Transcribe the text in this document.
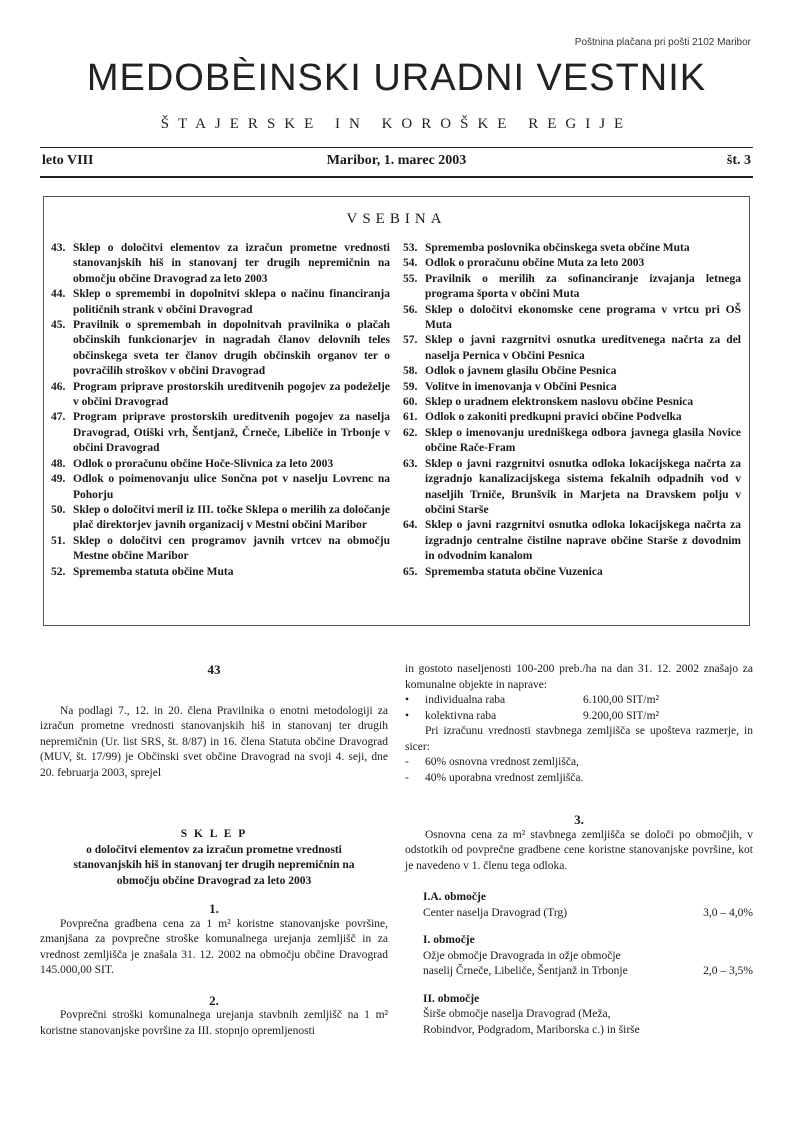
Poštnina plačana pri pošti 2102 Maribor
MEDOBÈINSKI URADNI VESTNIK
ŠTAJERSKE IN KOROŠKE REGIJE
leto VIII	Maribor, 1. marec 2003	št. 3
VSEBINA
43. Sklep o določitvi elementov za izračun prometne vrednosti stanovanjskih hiš in stanovanj ter drugih nepremičnin na območju občine Dravograd za leto 2003
44. Sklep o spremembi in dopolnitvi sklepa o načinu financiranja političnih strank v občini Dravograd
45. Pravilnik o spremembah in dopolnitvah pravilnika o plačah občinskih funkcionarjev in nagradah članov delovnih teles občinskega sveta ter članov drugih občinskih organov ter o povračilih stroškov v občini Dravograd
46. Program priprave prostorskih ureditvenih pogojev za podeželje v občini Dravograd
47. Program priprave prostorskih ureditvenih pogojev za naselja Dravograd, Otiški vrh, Šentjanž, Črneče, Libeliče in Trbonje v občini Dravograd
48. Odlok o proračunu občine Hoče-Slivnica za leto 2003
49. Odlok o poimenovanju ulice Sončna pot v naselju Lovrenc na Pohorju
50. Sklep o določitvi meril iz III. točke Sklepa o merilih za določanje plač direktorjev javnih organizacij v Mestni občini Maribor
51. Sklep o določitvi cen programov javnih vrtcev na območju Mestne občine Maribor
52. Sprememba statuta občine Muta
53. Sprememba poslovnika občinskega sveta občine Muta
54. Odlok o proračunu občine Muta za leto 2003
55. Pravilnik o merilih za sofinanciranje izvajanja letnega programa športa v občini Muta
56. Sklep o določitvi ekonomske cene programa v vrtcu pri OŠ Muta
57. Sklep o javni razgrnitvi osnutka ureditvenega načrta za del naselja Pernica v Občini Pesnica
58. Odlok o javnem glasilu Občine Pesnica
59. Volitve in imenovanja v Občini Pesnica
60. Sklep o uradnem elektronskem naslovu občine Pesnica
61. Odlok o zakoniti predkupni pravici občine Podvelka
62. Sklep o imenovanju uredniškega odbora javnega glasila Novice občine Rače-Fram
63. Sklep o javni razgrnitvi osnutka odloka lokacijskega načrta za izgradnjo kanalizacijskega sistema fekalnih odpadnih vod v naseljih Trniče, Brunšvik in Marjeta na Dravskem polju v občini Starše
64. Sklep o javni razgrnitvi osnutka odloka lokacijskega načrta za izgradnjo centralne čistilne naprave občine Starše z dovodnim in odvodnim kanalom
65. Sprememba statuta občine Vuzenica
43

Na podlagi 7., 12. in 20. člena Pravilnika o enotni metodologiji za izračun prometne vrednosti stanovanjskih hiš in stanovanj ter drugih nepremičnin (Ur. list SRS, št. 8/87) in 16. člena Statuta občine Dravograd (MUV, št. 17/99) je Občinski svet občine Dravograd na svoji 4. seji, dne 20. februarja 2003, sprejel

S K L E P
o določitvi elementov za izračun prometne vrednosti stanovanjskih hiš in stanovanj ter drugih nepremičnin na območju občine Dravograd za leto 2003
1.

Povprečna gradbena cena za 1 m² koristne stanovanjske površine, zmanjšana za povprečne stroške komunalnega urejanja zemljišč in za vrednost zemljišča je znašala 31. 12. 2002 na območju občine Dravograd 145.000,00 SIT.

2.

Povprečni stroški komunalnega urejanja stavbnih zemljišč na 1 m² koristne stanovanjske površine za III. stopnjo opremljenosti

in gostoto naseljenosti 100-200 preb./ha na dan 31. 12. 2002 znašajo za komunalne objekte in naprave:

• individualna raba	6.100,00 SIT/m²
• kolektivna raba	9.200,00 SIT/m²

Pri izračunu vrednosti stavbnega zemljišča se upošteva razmerje, in sicer:

- 60% osnovna vrednost zemljišča,
- 40% uporabna vrednost zemljišča.
3.

Osnovna cena za m² stavbnega zemljišča se določi po območjih, v odstotkih od povprečne gradbene cene koristne stanovanjske površine, kot je navedeno v 1. členu tega odloka.

I.A. območje
Center naselja Dravograd (Trg)	3,0 – 4,0%
I. območje
Ožje območje Dravograda in ožje območje
naselij Črneče, Libeliče, Šentjanž in Trbonje	2,0 – 3,5%
II. območje
Širše območje naselja Dravograd (Meža,
Robindvor, Podgradom, Mariborska c.) in širše
